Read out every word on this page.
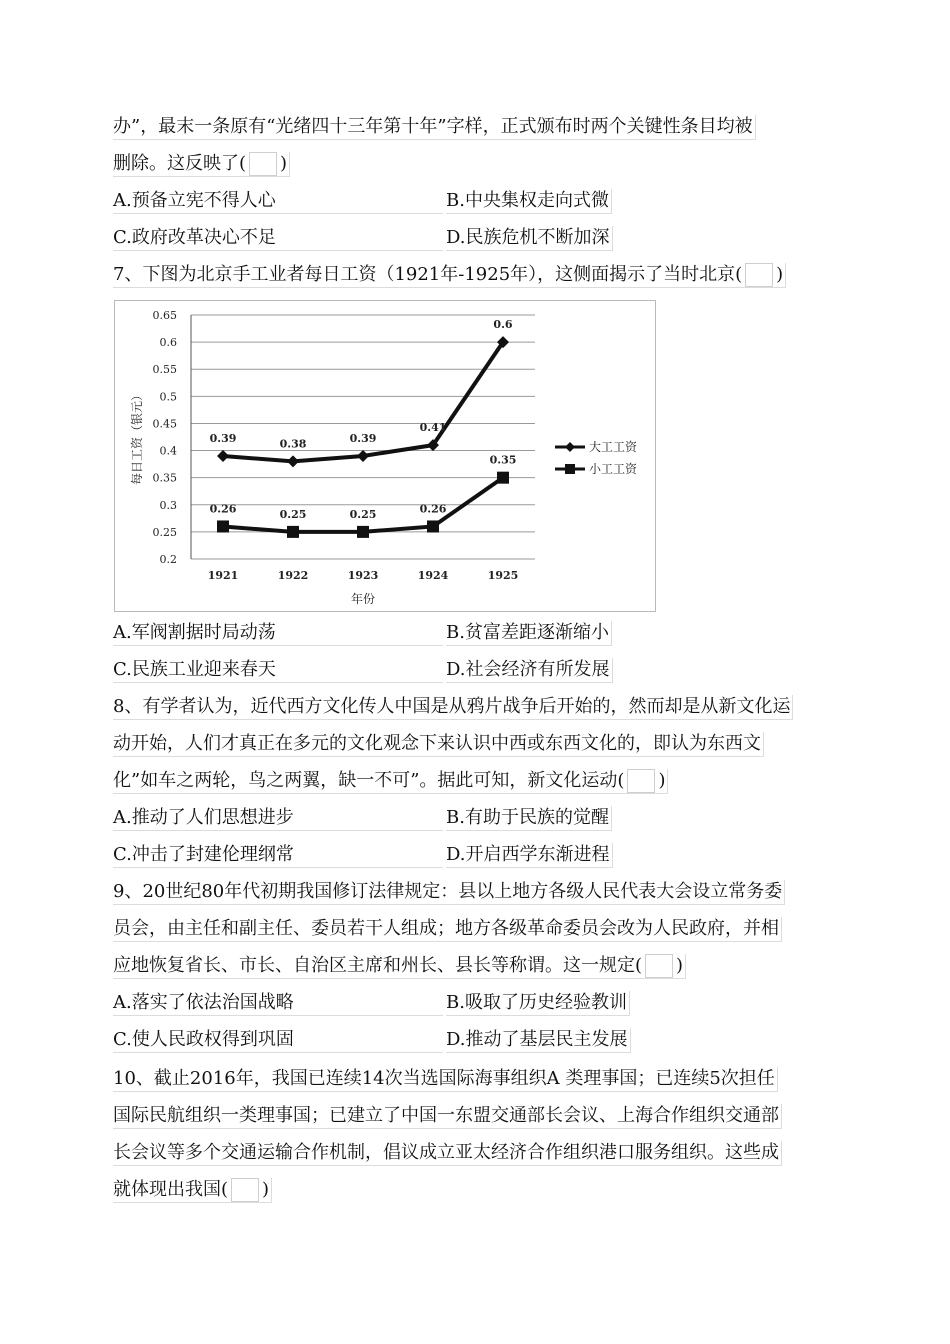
办”，最末一条原有“光绪四十三年第十年”字样，正式颁布时两个关键性条目均被
删除。这反映了( )
A.预备立宪不得人心	B.中央集权走向式微
C.政府改革决心不足	D.民族危机不断加深
7、下图为北京手工业者每日工资（1921年-1925年），这侧面揭示了当时北京( )
0.2
0.25
0.3
0.35
0.4
0.45
0.5
0.55
0.6
0.65
1921	1922	1923	1924	1925
年份
每日工资（银元）	0.39	0.38	0.39
0.41
0.6
0.26	0.25	0.25	0.26
0.35
大工工资
小工工资
A.军阀割据时局动荡	B.贫富差距逐渐缩小
C.民族工业迎来春天	D.社会经济有所发展
8、有学者认为，近代西方文化传人中国是从鸦片战争后开始的，然而却是从新文化运
动开始，人们才真正在多元的文化观念下来认识中西或东西文化的，即认为东西文
化”如车之两轮，鸟之两翼，缺一不可”。据此可知，新文化运动( )
A.推动了人们思想进步	B.有助于民族的觉醒
C.冲击了封建伦理纲常	D.开启西学东渐进程
9、20世纪80年代初期我国修订法律规定：县以上地方各级人民代表大会设立常务委
员会，由主任和副主任、委员若干人组成；地方各级革命委员会改为人民政府，并相
应地恢复省长、市长、自治区主席和州长、县长等称谓。这一规定( )
A.落实了依法治国战略	B.吸取了历史经验教训
C.使人民政权得到巩固	D.推动了基层民主发展
10、截止2016年，我国已连续14次当选国际海事组织A 类理事国；已连续5次担任
国际民航组织一类理事国；已建立了中国一东盟交通部长会议、上海合作组织交通部
长会议等多个交通运输合作机制，倡议成立亚太经济合作组织港口服务组织。这些成
就体现出我国( )
